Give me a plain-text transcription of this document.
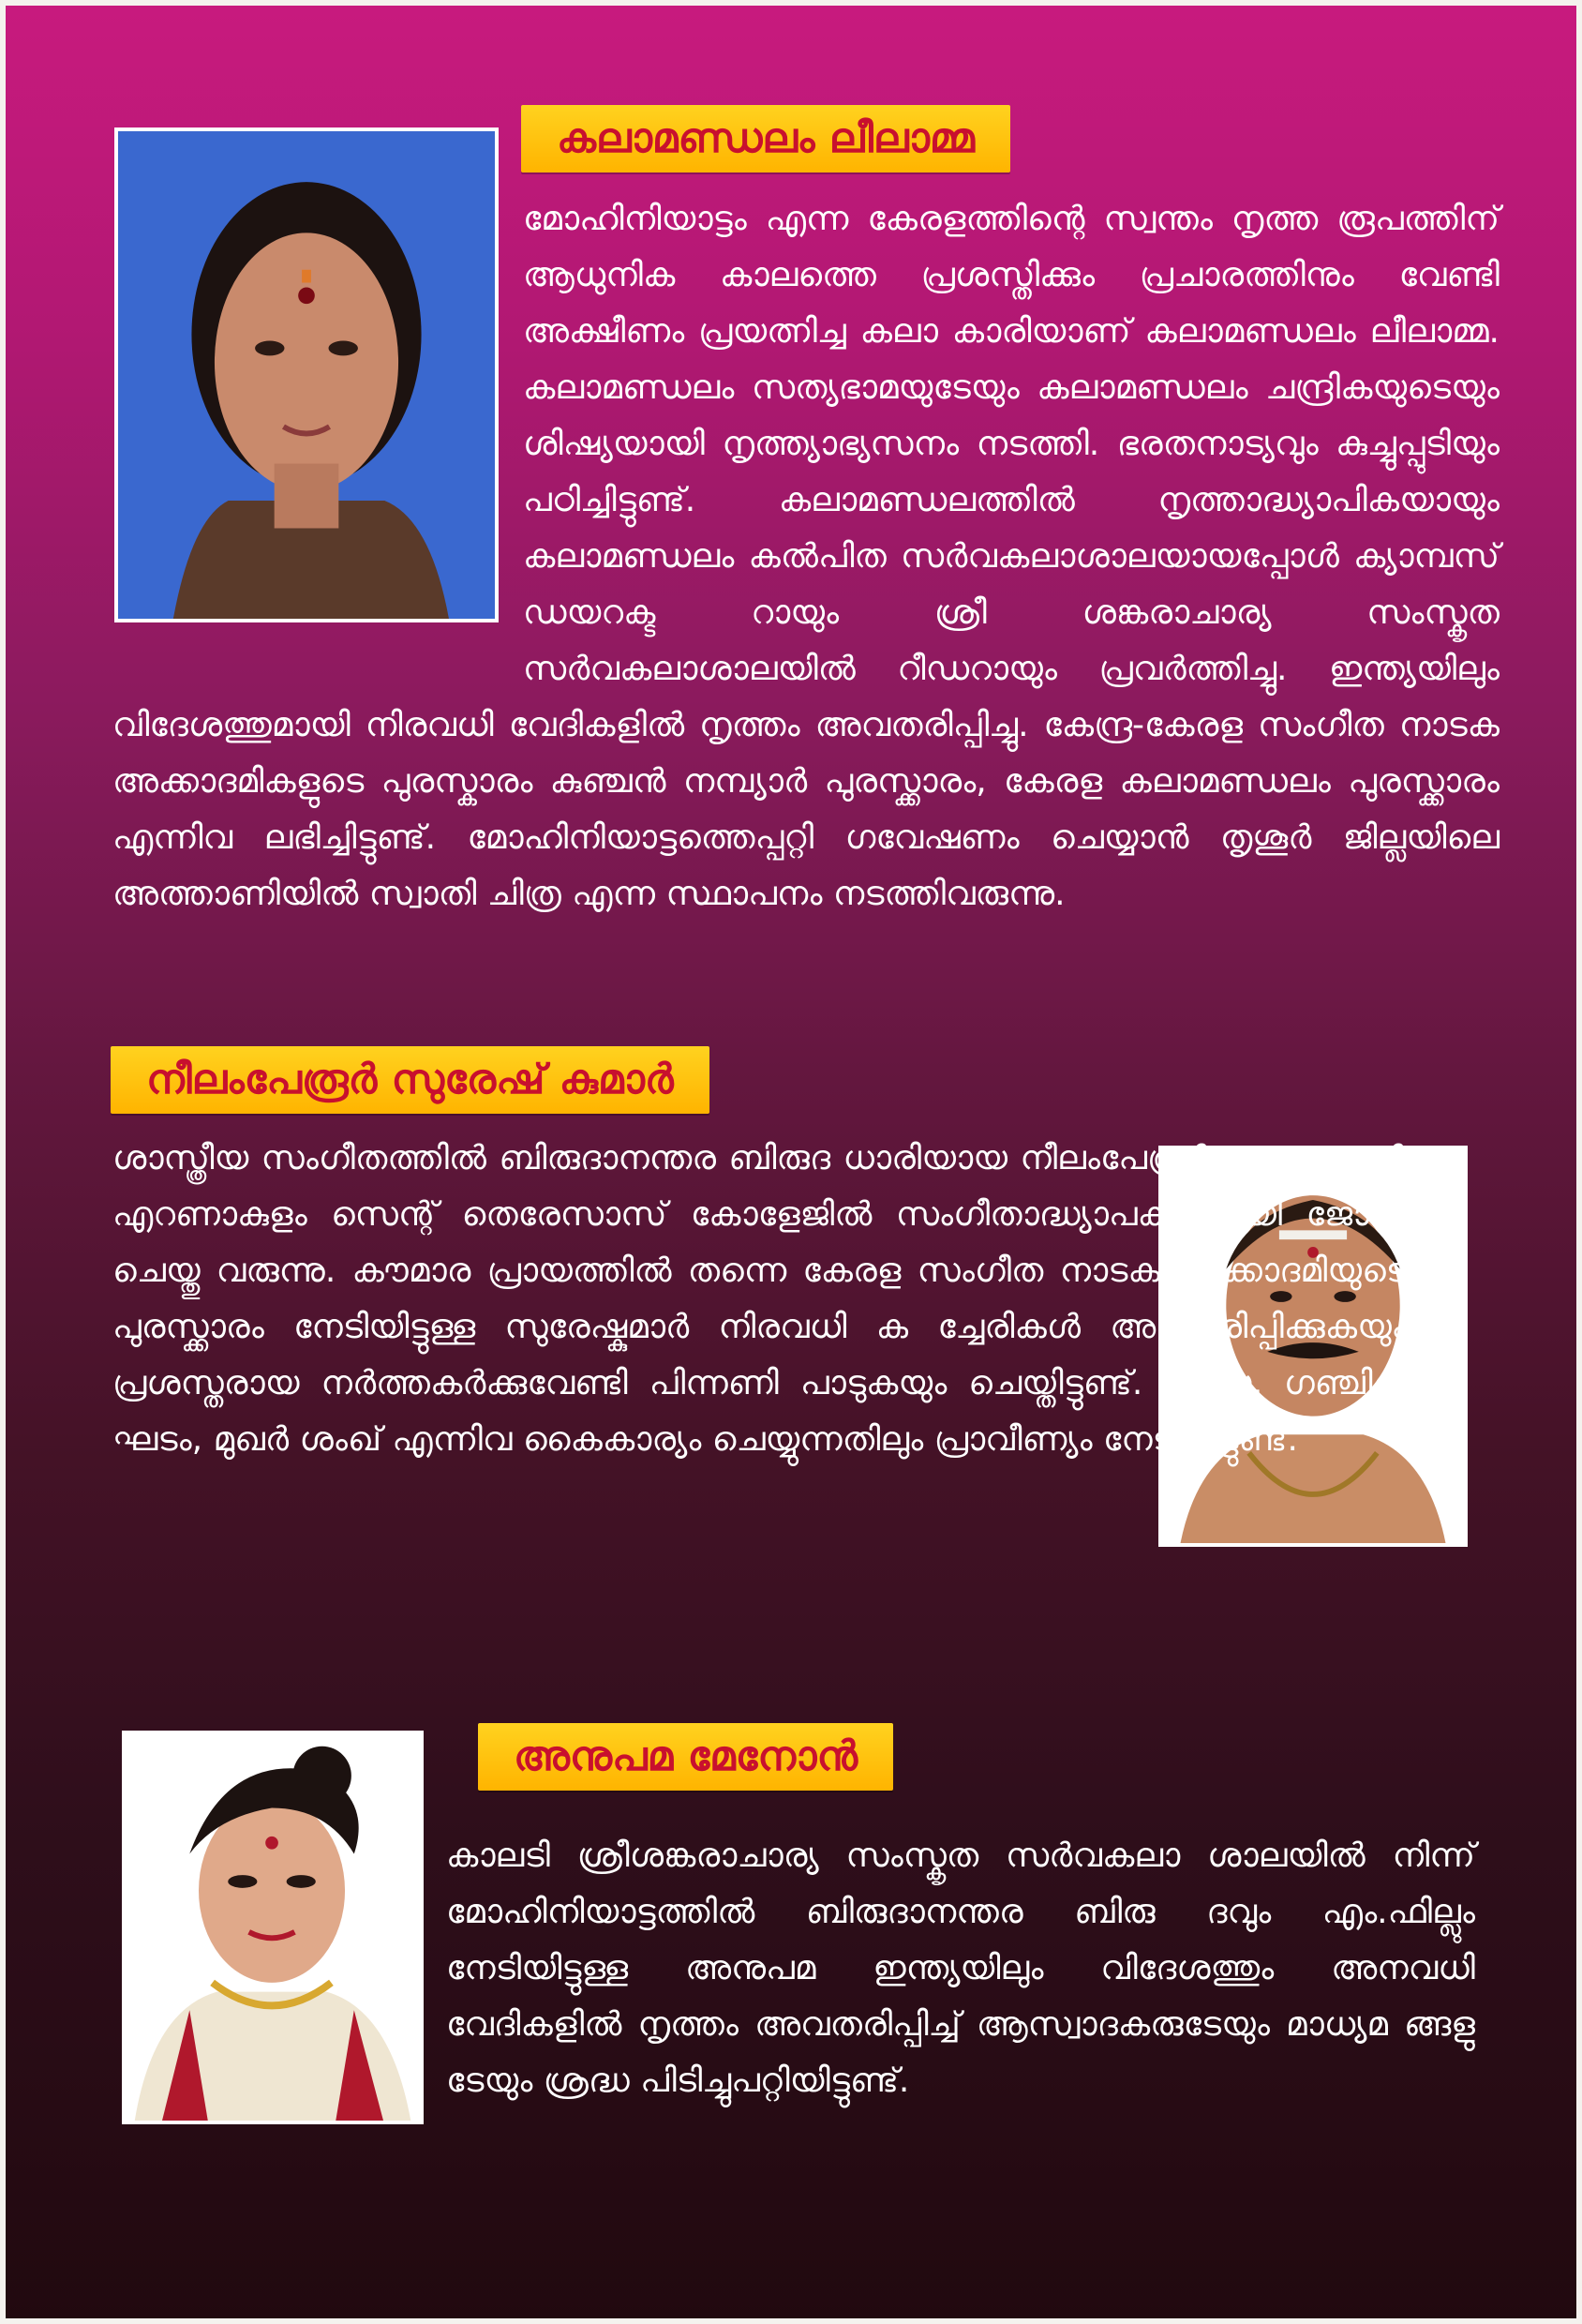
കലാമണ്ഡലം ലീലാമ്മ

മോഹിനിയാട്ടം എന്ന കേരളത്തിന്റെ സ്വന്തം നൃത്ത രൂപത്തിന് ആധുനിക കാലത്തെ പ്രശസ്തിക്കും പ്രചാരത്തിനും വേണ്ടി അക്ഷീണം പ്രയത്നിച്ച കലാ കാരിയാണ് കലാമണ്ഡലം ലീലാമ്മ. കലാമണ്ഡലം സത്യഭാമയുടേയും കലാമണ്ഡലം ചന്ദ്രികയുടെയും ശിഷ്യയായി നൃത്ത്യാഭ്യസനം നടത്തി. ഭരതനാട്യവും കുച്ചുപ്പുടിയും പഠിച്ചിട്ടുണ്ട്. കലാമണ്ഡലത്തിൽ നൃത്താദ്ധ്യാപികയായും കലാമണ്ഡലം കൽപിത സർവകലാശാലയായപ്പോൾ ക്യാമ്പസ് ഡയറക്ട റായും ശ്രീ ശങ്കരാചാര്യ സംസ്കൃത സർവകലാശാലയിൽ റീഡറായും പ്രവർത്തിച്ചു. ഇന്ത്യയിലും വിദേശത്തുമായി നിരവധി വേദികളിൽ നൃത്തം അവതരിപ്പിച്ചു. കേന്ദ്ര-കേരള സംഗീത നാടക അക്കാദമികളുടെ പുരസ്കാരം കുഞ്ചൻ നമ്പ്യാർ പുരസ്ക്കാരം, കേരള കലാമണ്ഡലം പുരസ്ക്കാരം എന്നിവ ലഭിച്ചിട്ടുണ്ട്. മോഹിനിയാട്ടത്തെപ്പറ്റി ഗവേഷണം ചെയ്യാൻ തൃശൂർ ജില്ലയിലെ അത്താണിയിൽ സ്വാതി ചിത്ര എന്ന സ്ഥാപനം നടത്തിവരുന്നു.

നീലംപേരൂർ സുരേഷ് കുമാർ

ശാസ്ത്രീയ സംഗീതത്തിൽ ബിരുദാനന്തര ബിരുദ ധാരിയായ നീലംപേരൂർ സുരേഷ്കുമാർ എറണാകുളം സെന്റ് തെരേസാസ് കോളേജിൽ സംഗീതാദ്ധ്യാപകനാ യി ജോലി ചെയ്തു വരുന്നു. കൗമാര പ്രായത്തിൽ തന്നെ കേരള സംഗീത നാടക അക്കാദമിയുടെ പുരസ്ക്കാരം നേടിയിട്ടുള്ള സുരേഷ്കുമാർ നിരവധി ക ച്ചേരികൾ അവതരിപ്പിക്കുകയും പ്രശസ്തരായ നർത്തകർക്കുവേണ്ടി പിന്നണി പാടുകയും ചെയ്തിട്ടുണ്ട്. ഇടയ്ക്ക, ഗഞ്ചിറ, ഘടം, മുഖർ ശംഖ് എന്നിവ കൈകാര്യം ചെയ്യുന്നതിലും പ്രാവീണ്യം നേടിയിട്ടുണ്ട്.

അനുപമ മേനോൻ

കാലടി ശ്രീശങ്കരാചാര്യ സംസ്കൃത സർവകലാ ശാലയിൽ നിന്ന് മോഹിനിയാട്ടത്തിൽ ബിരുദാനന്തര ബിരു ദവും എം.ഫില്ലും നേടിയിട്ടുള്ള അനുപമ ഇന്ത്യയിലും വിദേശത്തും അനവധി വേദികളിൽ നൃത്തം അവതരിപ്പിച്ച് ആസ്വാദകരുടേയും മാധ്യമ ങ്ങളു ടേയും ശ്രദ്ധ പിടിച്ചുപറ്റിയിട്ടുണ്ട്.
